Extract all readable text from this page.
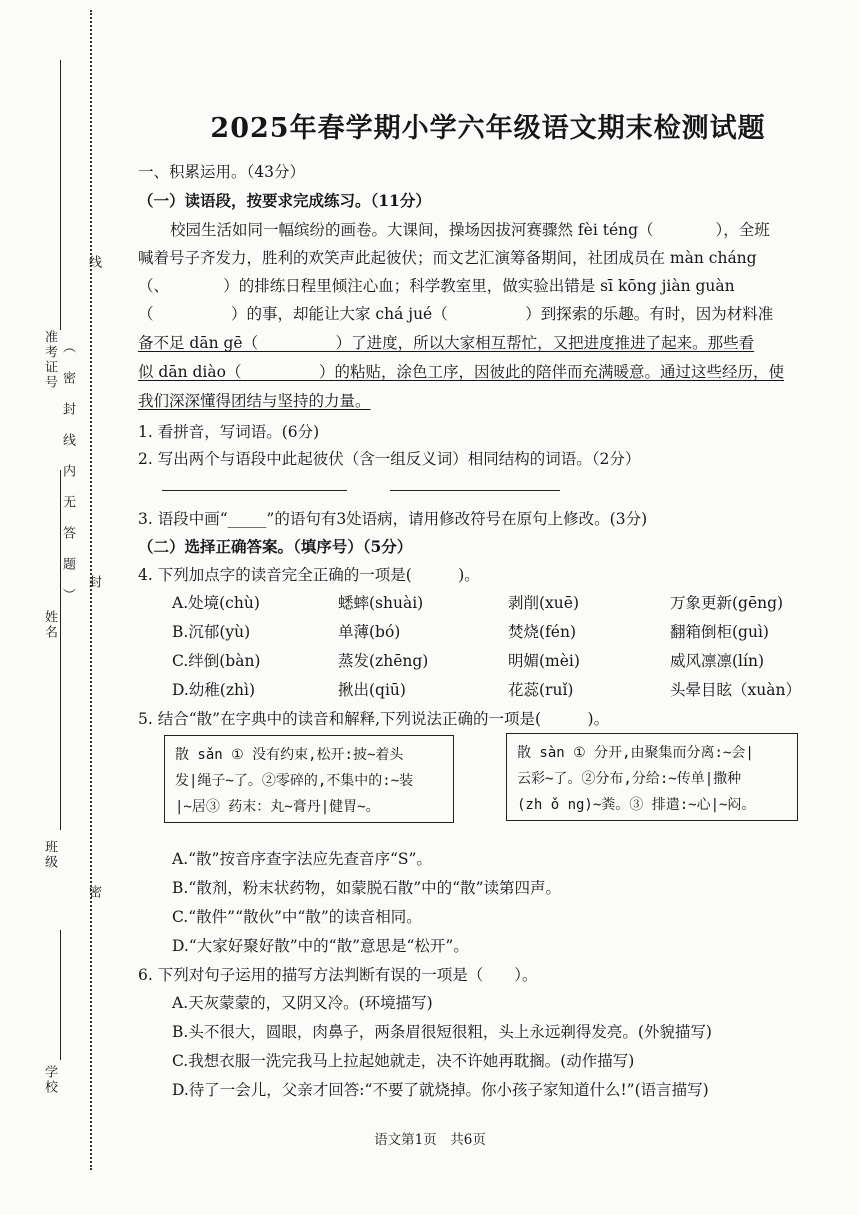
准考证号
班级
姓名
学校
线
（密封线内无答题） 封
密
2025年春学期小学六年级语文期末检测试题
一、积累运用。（43分）
（一）读语段，按要求完成练习。（11分）
校园生活如同一幅缤纷的画卷。大课间，操场因拔河赛骤然 fèi téng（　　　　），全班
喊着号子齐发力，胜利的欢笑声此起彼伏；而文艺汇演筹备期间，社团成员在 màn cháng
（、　　　　）的排练日程里倾注心血；科学教室里，做实验出错是 sī kōng jiàn guàn
（　　　　　）的事，却能让大家 chá jué（　　　　　）到探索的乐趣。有时，因为材料准
备不足 dān gē（　　　　　）了进度，所以大家相互帮忙，又把进度推进了起来。那些看
似 dān diào（　　　　　）的粘贴，涂色工序，因彼此的陪伴而充满暖意。通过这些经历，使
我们深深懂得团结与坚持的力量。
1. 看拼音，写词语。(6分)
2. 写出两个与语段中此起彼伏（含一组反义词）相同结构的词语。（2分）
3. 语段中画“_____”的语句有3处语病，请用修改符号在原句上修改。(3分)
（二）选择正确答案。（填序号）（5分）
4. 下列加点字的读音完全正确的一项是(　　　)。
A.处境(chù)	蟋蟀(shuài)	剥削(xuē)	万象更新(gēng)
B.沉郁(yù)	单薄(bó)	焚烧(fén)	翻箱倒柜(guì)
C.绊倒(bàn)	蒸发(zhēng)	明媚(mèi)	威风凛凛(lín)
D.幼稚(zhì)	揪出(qiū)	花蕊(ruǐ)	头晕目眩（xuàn）
5. 结合“散”在字典中的读音和解释,下列说法正确的一项是(　　　)。
散 sǎn ① 没有约束,松开:披~着头
发|绳子~了。②零碎的,不集中的:~装
|~居③ 药末：丸~膏丹|健胃~。
散 sàn ① 分开,由聚集而分离:~会|
云彩~了。②分布,分给:~传单|撒种
(zh ǒ ng)~粪。③ 排遣:~心|~闷。
A.“散”按音序查字法应先查音序“S”。
B.“散剂，粉末状药物，如蒙脱石散”中的“散”读第四声。
C.“散件”“散伙”中“散”的读音相同。
D.“大家好聚好散”中的“散”意思是“松开”。
6. 下列对句子运用的描写方法判断有误的一项是（　　）。
A.天灰蒙蒙的，又阴又冷。(环境描写)
B.头不很大，圆眼，肉鼻子，两条眉很短很粗，头上永远剃得发亮。(外貌描写)
C.我想衣服一洗完我马上拉起她就走，决不许她再耽搁。(动作描写)
D.待了一会儿，父亲才回答:“不要了就烧掉。你小孩子家知道什么!”(语言描写)
语文第1页　共6页
